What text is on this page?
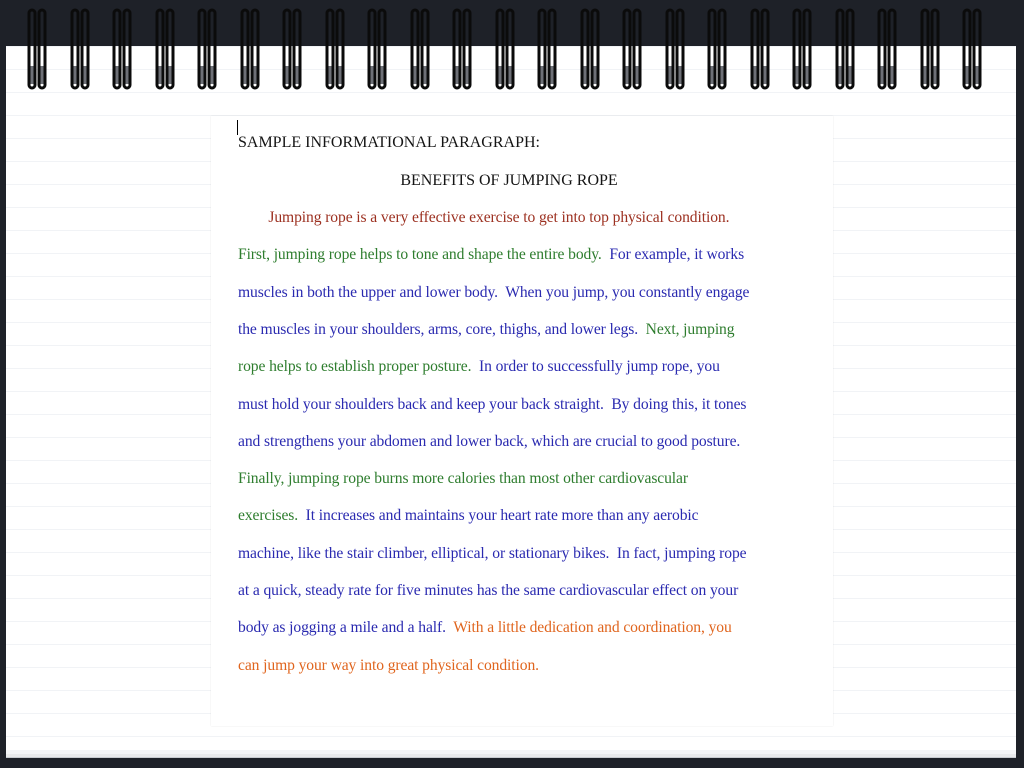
SAMPLE INFORMATIONAL PARAGRAPH:
BENEFITS OF JUMPING ROPE
Jumping rope is a very effective exercise to get into top physical condition.
First, jumping rope helps to tone and shape the entire body.  For example, it works
muscles in both the upper and lower body.  When you jump, you constantly engage
the muscles in your shoulders, arms, core, thighs, and lower legs.  Next, jumping
rope helps to establish proper posture.  In order to successfully jump rope, you
must hold your shoulders back and keep your back straight.  By doing this, it tones
and strengthens your abdomen and lower back, which are crucial to good posture.
Finally, jumping rope burns more calories than most other cardiovascular
exercises.  It increases and maintains your heart rate more than any aerobic
machine, like the stair climber, elliptical, or stationary bikes.  In fact, jumping rope
at a quick, steady rate for five minutes has the same cardiovascular effect on your
body as jogging a mile and a half.  With a little dedication and coordination, you
can jump your way into great physical condition.
